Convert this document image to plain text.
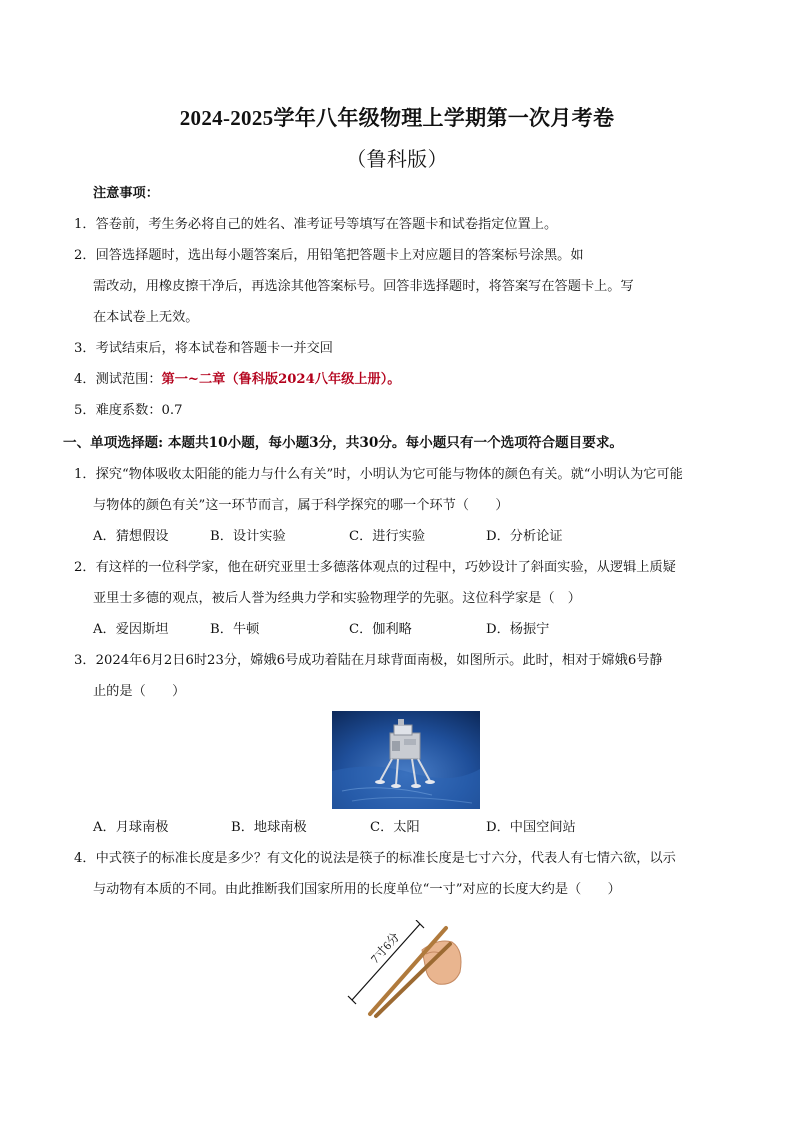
2024-2025学年八年级物理上学期第一次月考卷
（鲁科版）
注意事项：
1．答卷前，考生务必将自己的姓名、准考证号等填写在答题卡和试卷指定位置上。
2．回答选择题时，选出每小题答案后，用铅笔把答题卡上对应题目的答案标号涂黑。如
需改动，用橡皮擦干净后，再选涂其他答案标号。回答非选择题时，将答案写在答题卡上。写
在本试卷上无效。
3．考试结束后，将本试卷和答题卡一并交回
4．测试范围：第一~二章（鲁科版2024八年级上册）。
5．难度系数：0.7
一、单项选择题: 本题共10小题，每小题3分，共30分。每小题只有一个选项符合题目要求。
1．探究“物体吸收太阳能的能力与什么有关”时，小明认为它可能与物体的颜色有关。就“小明认为它可能
与物体的颜色有关”这一环节而言，属于科学探究的哪一个环节（　　）
A．猜想假设	B．设计实验	C．进行实验	D．分析论证
2．有这样的一位科学家，他在研究亚里士多德落体观点的过程中，巧妙设计了斜面实验，从逻辑上质疑
亚里士多德的观点，被后人誉为经典力学和实验物理学的先驱。这位科学家是（　）
A．爱因斯坦	B．牛顿	C．伽利略	D．杨振宁
3．2024年6月2日6时23分，嫦娥6号成功着陆在月球背面南极，如图所示。此时，相对于嫦娥6号静
止的是（　　）
A．月球南极	B．地球南极	C．太阳	D．中国空间站
4．中式筷子的标准长度是多少？有文化的说法是筷子的标准长度是七寸六分，代表人有七情六欲，以示
与动物有本质的不同。由此推断我们国家所用的长度单位“一寸”对应的长度大约是（　　）
7寸6分
